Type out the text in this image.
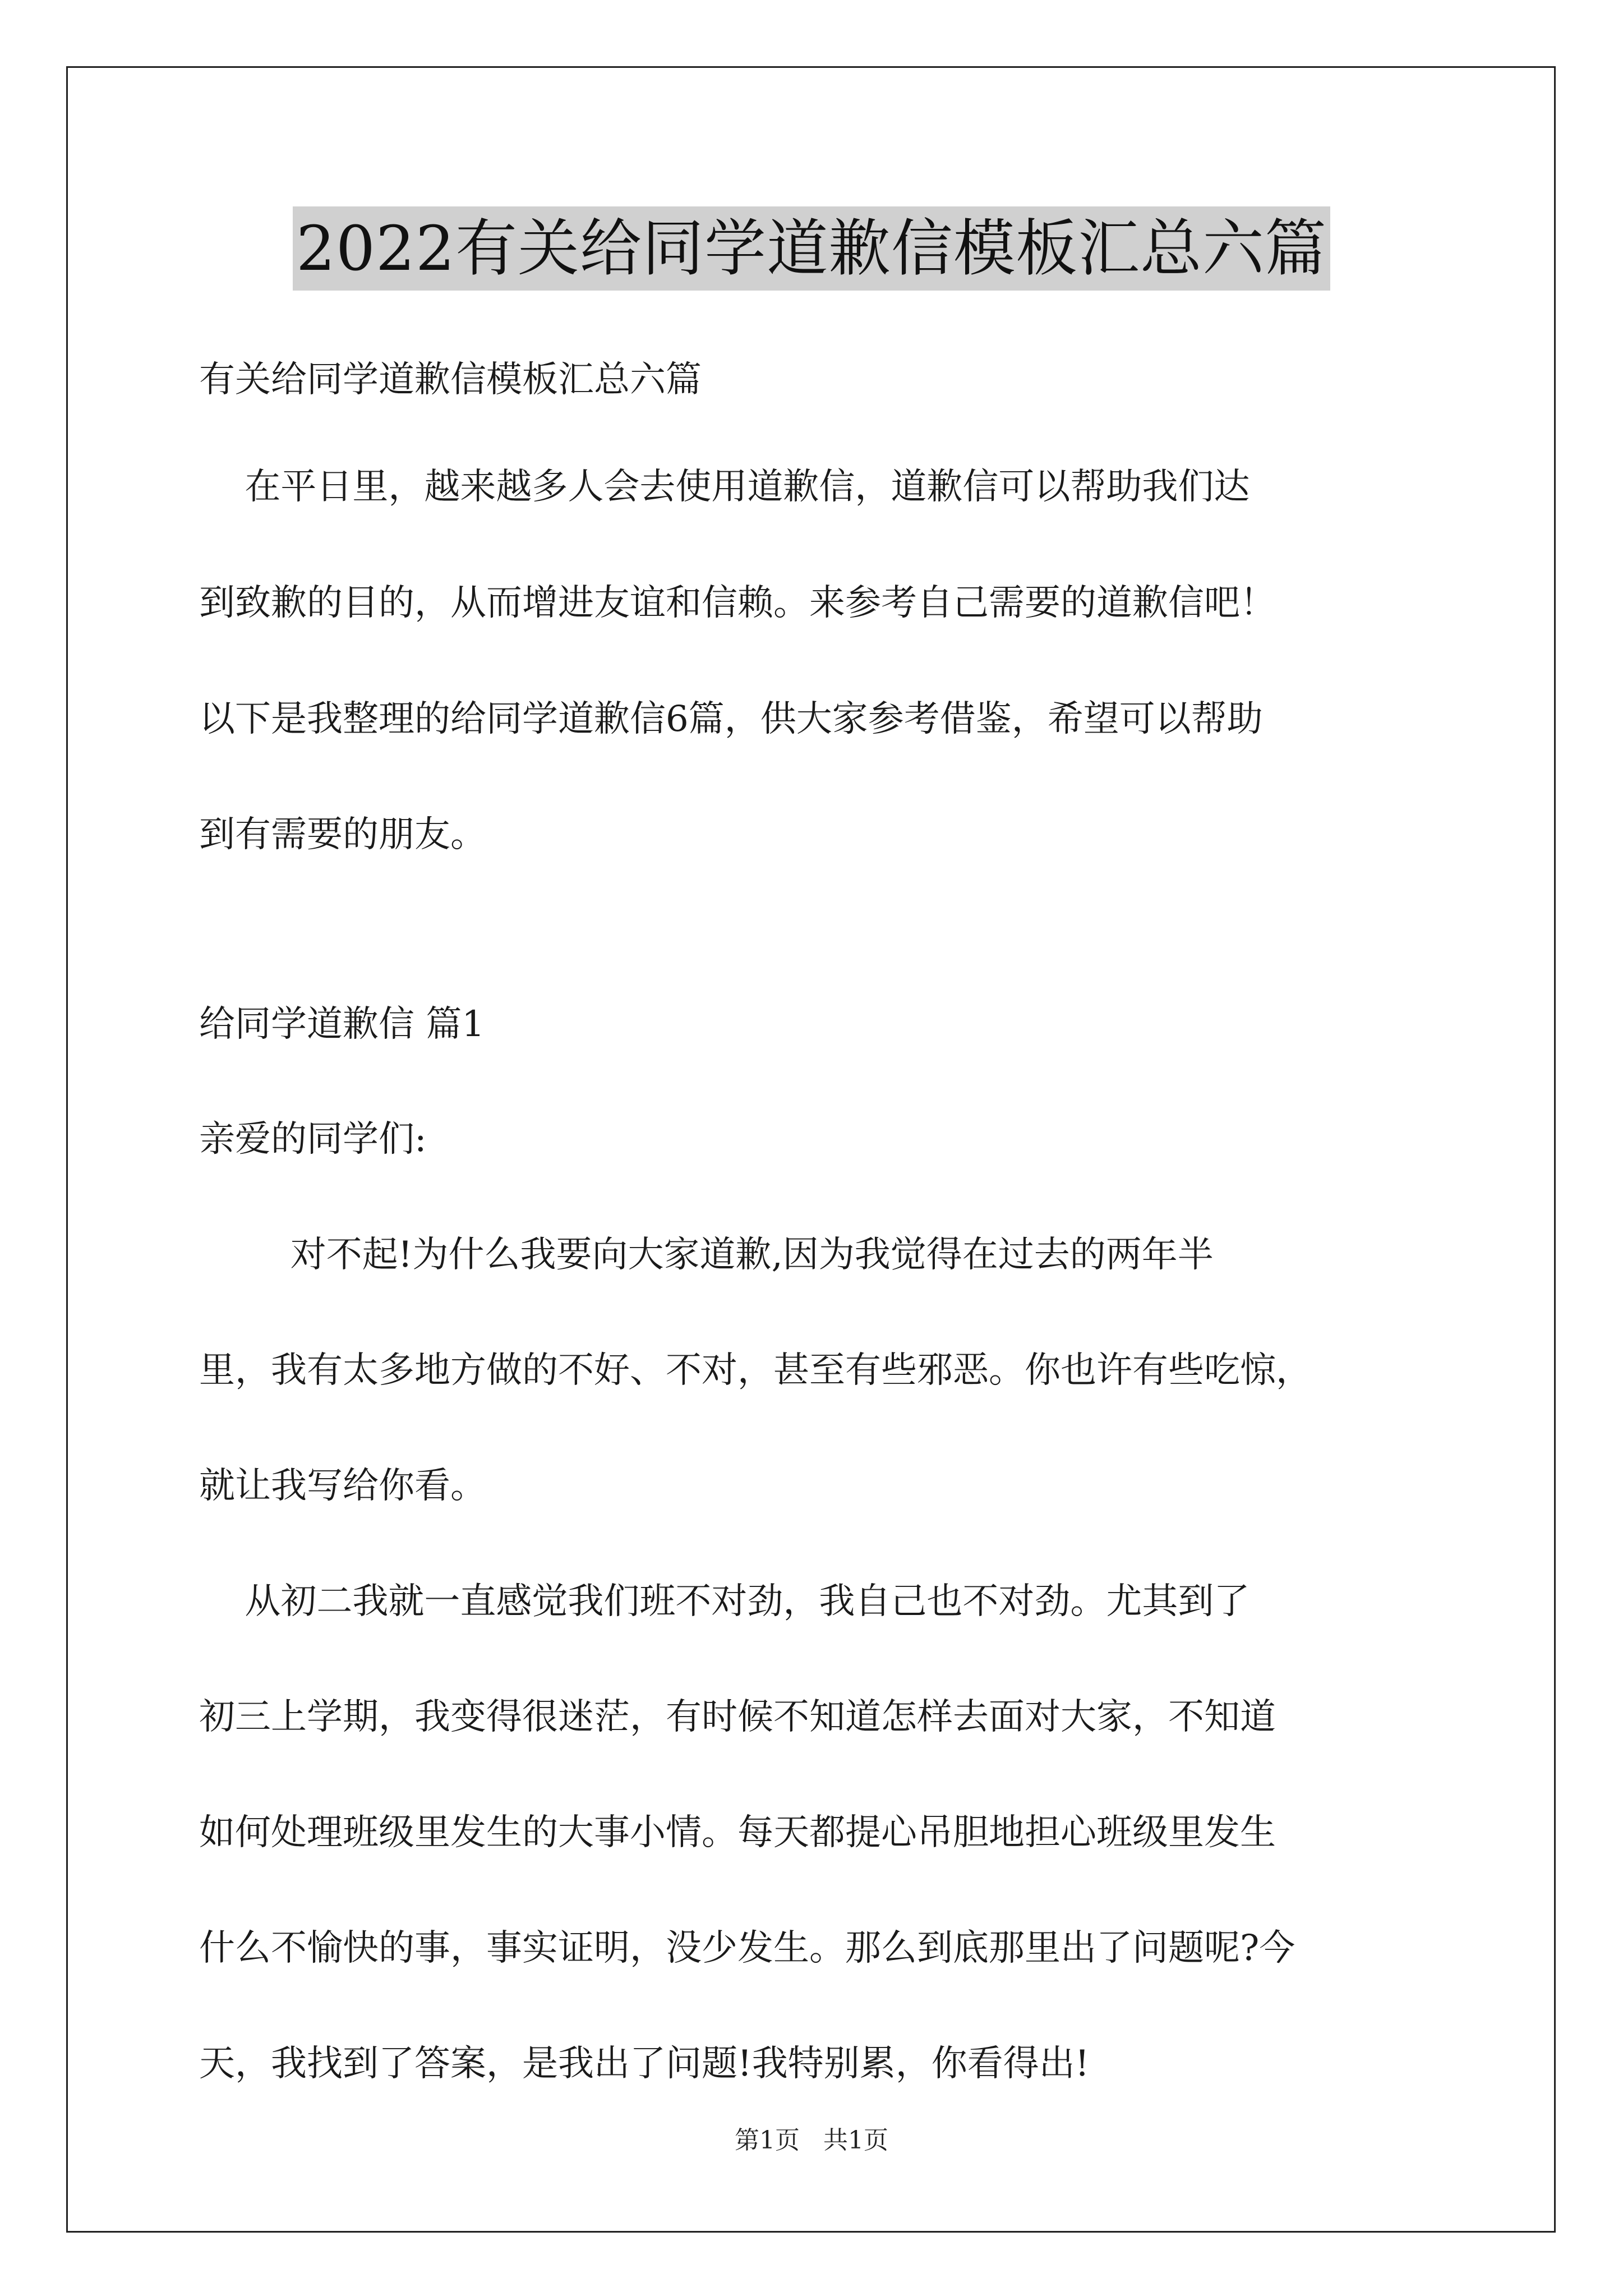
2022有关给同学道歉信模板汇总六篇
有关给同学道歉信模板汇总六篇
在平日里，越来越多人会去使用道歉信，道歉信可以帮助我们达
到致歉的目的，从而增进友谊和信赖。来参考自己需要的道歉信吧！
以下是我整理的给同学道歉信6篇，供大家参考借鉴，希望可以帮助
到有需要的朋友。
给同学道歉信 篇1
亲爱的同学们:
对不起!为什么我要向大家道歉,因为我觉得在过去的两年半
里，我有太多地方做的不好、不对，甚至有些邪恶。你也许有些吃惊，
就让我写给你看。
从初二我就一直感觉我们班不对劲，我自己也不对劲。尤其到了
初三上学期，我变得很迷茫，有时候不知道怎样去面对大家，不知道
如何处理班级里发生的大事小情。每天都提心吊胆地担心班级里发生
什么不愉快的事，事实证明，没少发生。那么到底那里出了问题呢?今
天，我找到了答案，是我出了问题!我特别累，你看得出!
第1页   共1页
